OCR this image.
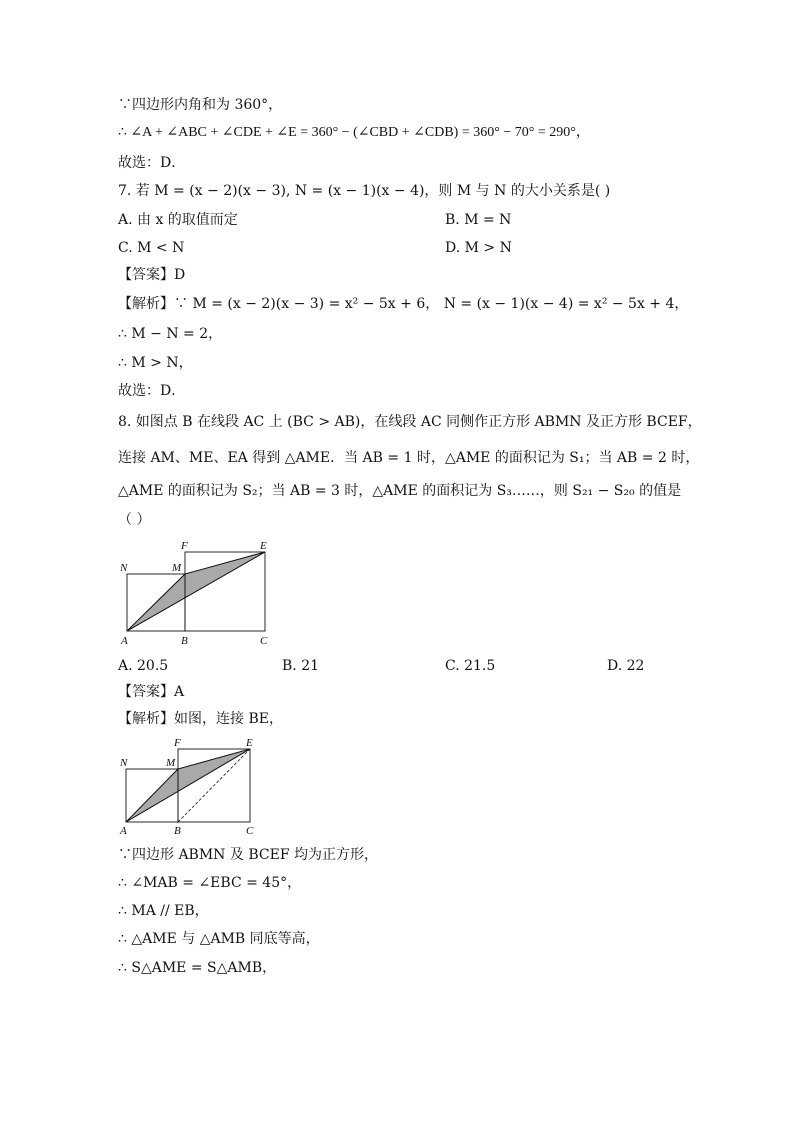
∵四边形内角和为 360°，
∴ ∠A + ∠ABC + ∠CDE + ∠E = 360° − (∠CBD + ∠CDB) = 360° − 70° = 290°，
故选：D．
7. 若 M = (x − 2)(x − 3), N = (x − 1)(x − 4)，则 M 与 N 的大小关系是( )
A. 由 x 的取值而定	B. M = N
C. M < N	D. M > N
【答案】D
【解析】∵ M = (x − 2)(x − 3) = x² − 5x + 6， N = (x − 1)(x − 4) = x² − 5x + 4，
∴ M − N = 2，
∴ M > N，
故选：D．
8. 如图点 B 在线段 AC 上 (BC > AB)，在线段 AC 同侧作正方形 ABMN 及正方形 BCEF，
连接 AM、ME、EA 得到 △AME．当 AB = 1 时，△AME 的面积记为 S₁；当 AB = 2 时，
△AME 的面积记为 S₂；当 AB = 3 时，△AME 的面积记为 S₃……，则 S₂₁ − S₂₀ 的值是
（ ）
N	M
F	E
A	B	C
A. 20.5	B. 21	C. 21.5	D. 22
【答案】A
【解析】如图，连接 BE，
N	M
F	E
A	B	C
∵四边形 ABMN 及 BCEF 均为正方形，
∴ ∠MAB = ∠EBC = 45°，
∴ MA // EB，
∴ △AME 与 △AMB 同底等高，
∴ S△AME = S△AMB，
